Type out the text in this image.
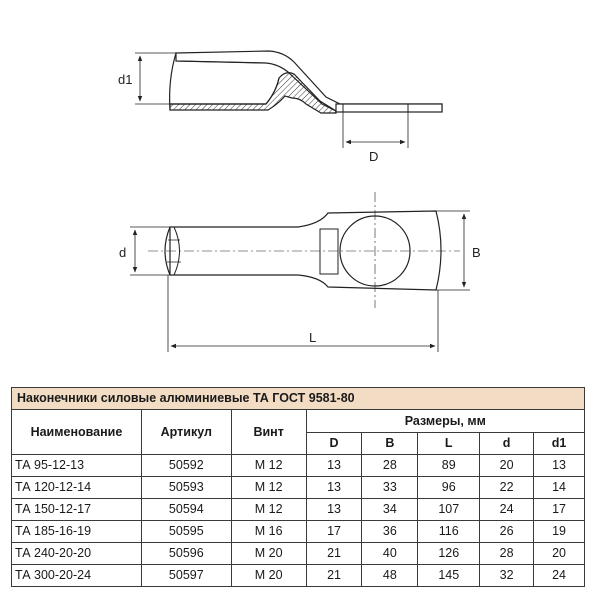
d1
D
d	B
L
Наконечники силовые алюминиевые ТА ГОСТ 9581-80							
Наименование	Артикул	Винт	Размеры, мм				
			D	B	L	d	d1
ТА 95-12-13	50592	М 12	13	28	89	20	13
ТА 120-12-14	50593	М 12	13	33	96	22	14
ТА 150-12-17	50594	М 12	13	34	107	24	17
ТА 185-16-19	50595	М 16	17	36	116	26	19
ТА 240-20-20	50596	М 20	21	40	126	28	20
ТА 300-20-24	50597	М 20	21	48	145	32	24
